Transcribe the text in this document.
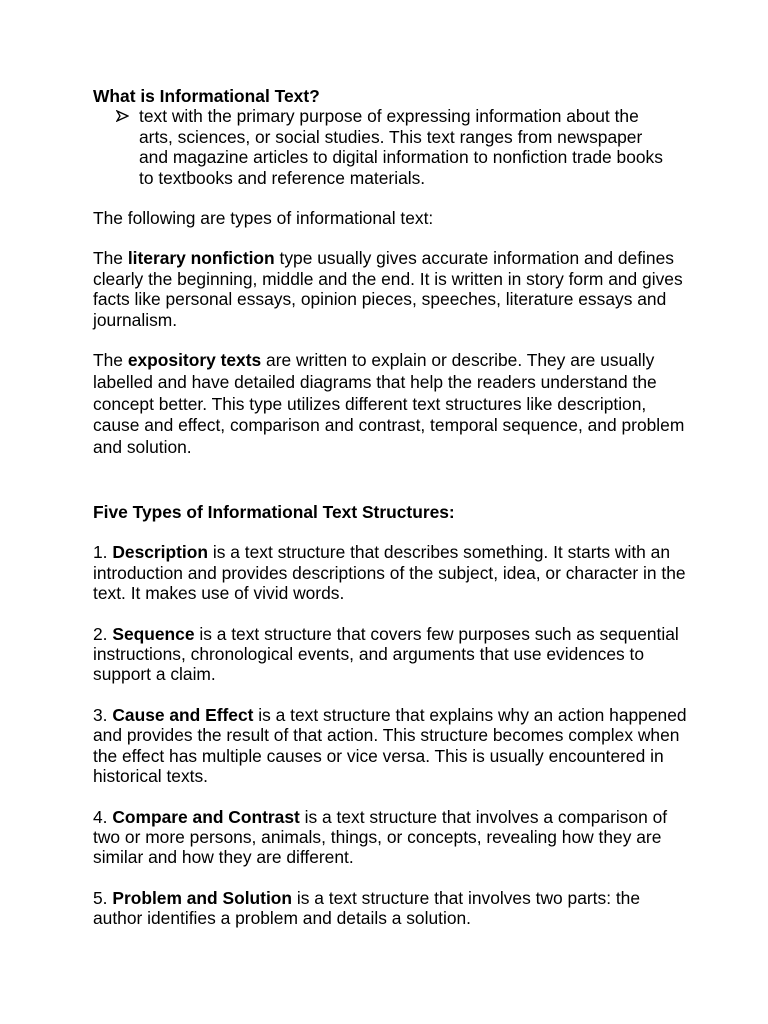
What is Informational Text?

text with the primary purpose of expressing information about the arts, sciences, or social studies. This text ranges from newspaper and magazine articles to digital information to nonfiction trade books to textbooks and reference materials.

The following are types of informational text:

The literary nonfiction type usually gives accurate information and defines clearly the beginning, middle and the end. It is written in story form and gives facts like personal essays, opinion pieces, speeches, literature essays and journalism.

The expository texts are written to explain or describe. They are usually labelled and have detailed diagrams that help the readers understand the concept better. This type utilizes different text structures like description, cause and effect, comparison and contrast, temporal sequence, and problem and solution.

Five Types of Informational Text Structures:

1. Description is a text structure that describes something. It starts with an introduction and provides descriptions of the subject, idea, or character in the text. It makes use of vivid words.

2. Sequence is a text structure that covers few purposes such as sequential instructions, chronological events, and arguments that use evidences to support a claim.

3. Cause and Effect is a text structure that explains why an action happened and provides the result of that action. This structure becomes complex when the effect has multiple causes or vice versa. This is usually encountered in historical texts.

4. Compare and Contrast is a text structure that involves a comparison of two or more persons, animals, things, or concepts, revealing how they are similar and how they are different.

5. Problem and Solution is a text structure that involves two parts: the author identifies a problem and details a solution.
